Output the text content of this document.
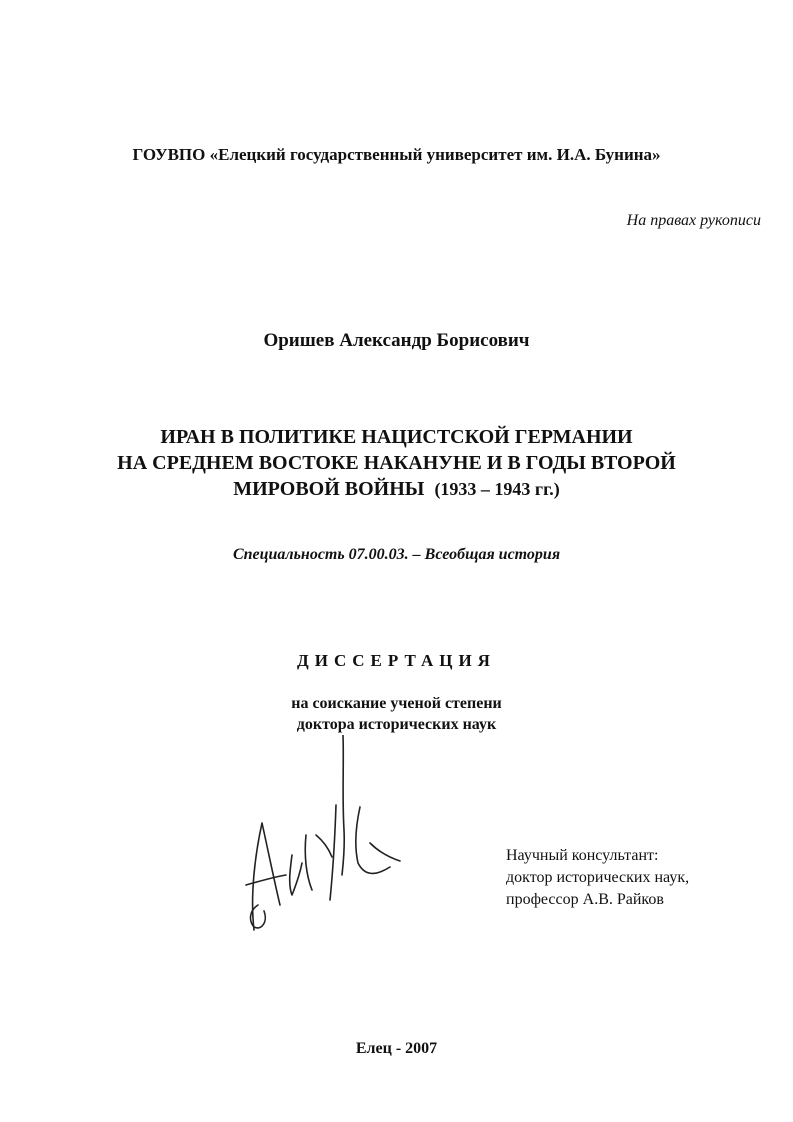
ГОУВПО «Елецкий государственный университет им. И.А. Бунина»
На правах рукописи
Оришев Александр Борисович
ИРАН В ПОЛИТИКЕ НАЦИСТСКОЙ ГЕРМАНИИ
НА СРЕДНЕМ ВОСТОКЕ НАКАНУНЕ И В ГОДЫ ВТОРОЙ
МИРОВОЙ ВОЙНЫ (1933 – 1943 гг.)
Специальность 07.00.03. – Всеобщая история
ДИССЕРТАЦИЯ
на соискание ученой степени
доктора исторических наук
Научный консультант:
доктор исторических наук,
профессор А.В. Райков
Елец - 2007
